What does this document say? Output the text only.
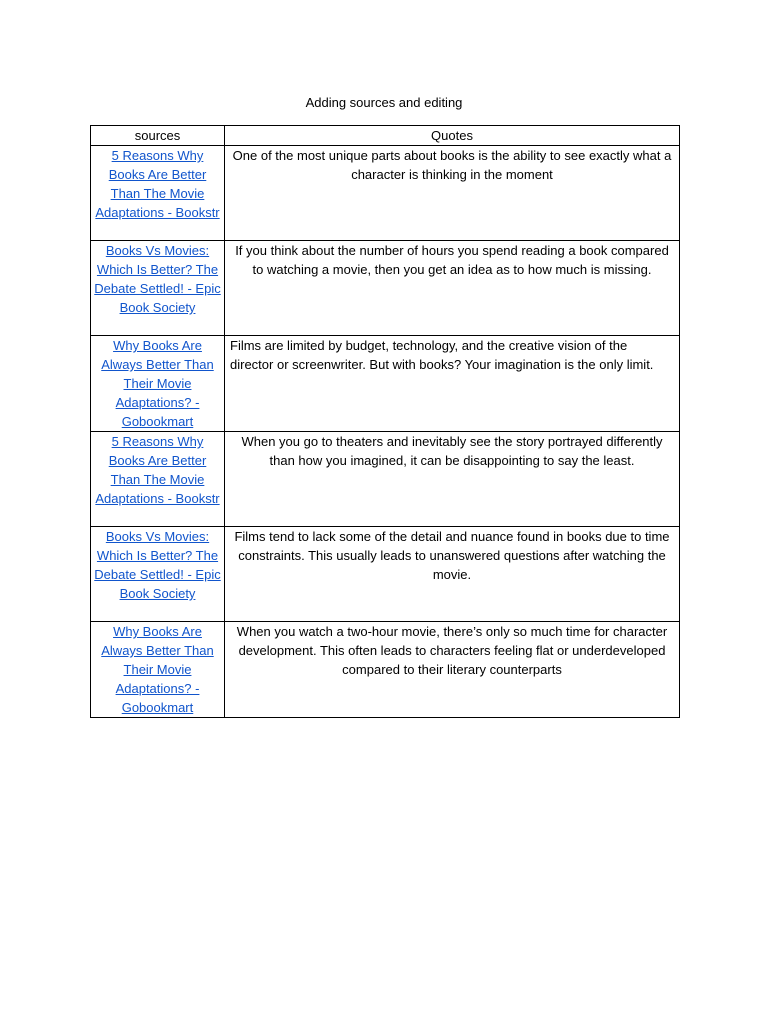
Adding sources and editing
sources	Quotes
5 Reasons Why Books Are Better Than The Movie Adaptations - Bookstr	One of the most unique parts about books is the ability to see exactly what a character is thinking in the moment
Books Vs Movies: Which Is Better? The Debate Settled! - Epic Book Society	If you think about the number of hours you spend reading a book compared to watching a movie, then you get an idea as to how much is missing.
Why Books Are Always Better Than Their Movie Adaptations? - Gobookmart	Films are limited by budget, technology, and the creative vision of the director or screenwriter. But with books? Your imagination is the only limit.
5 Reasons Why Books Are Better Than The Movie Adaptations - Bookstr	When you go to theaters and inevitably see the story portrayed differently than how you imagined, it can be disappointing to say the least.
Books Vs Movies: Which Is Better? The Debate Settled! - Epic Book Society	Films tend to lack some of the detail and nuance found in books due to time constraints. This usually leads to unanswered questions after watching the movie.
Why Books Are Always Better Than Their Movie Adaptations? - Gobookmart	When you watch a two-hour movie, there’s only so much time for character development. This often leads to characters feeling flat or underdeveloped compared to their literary counterparts
